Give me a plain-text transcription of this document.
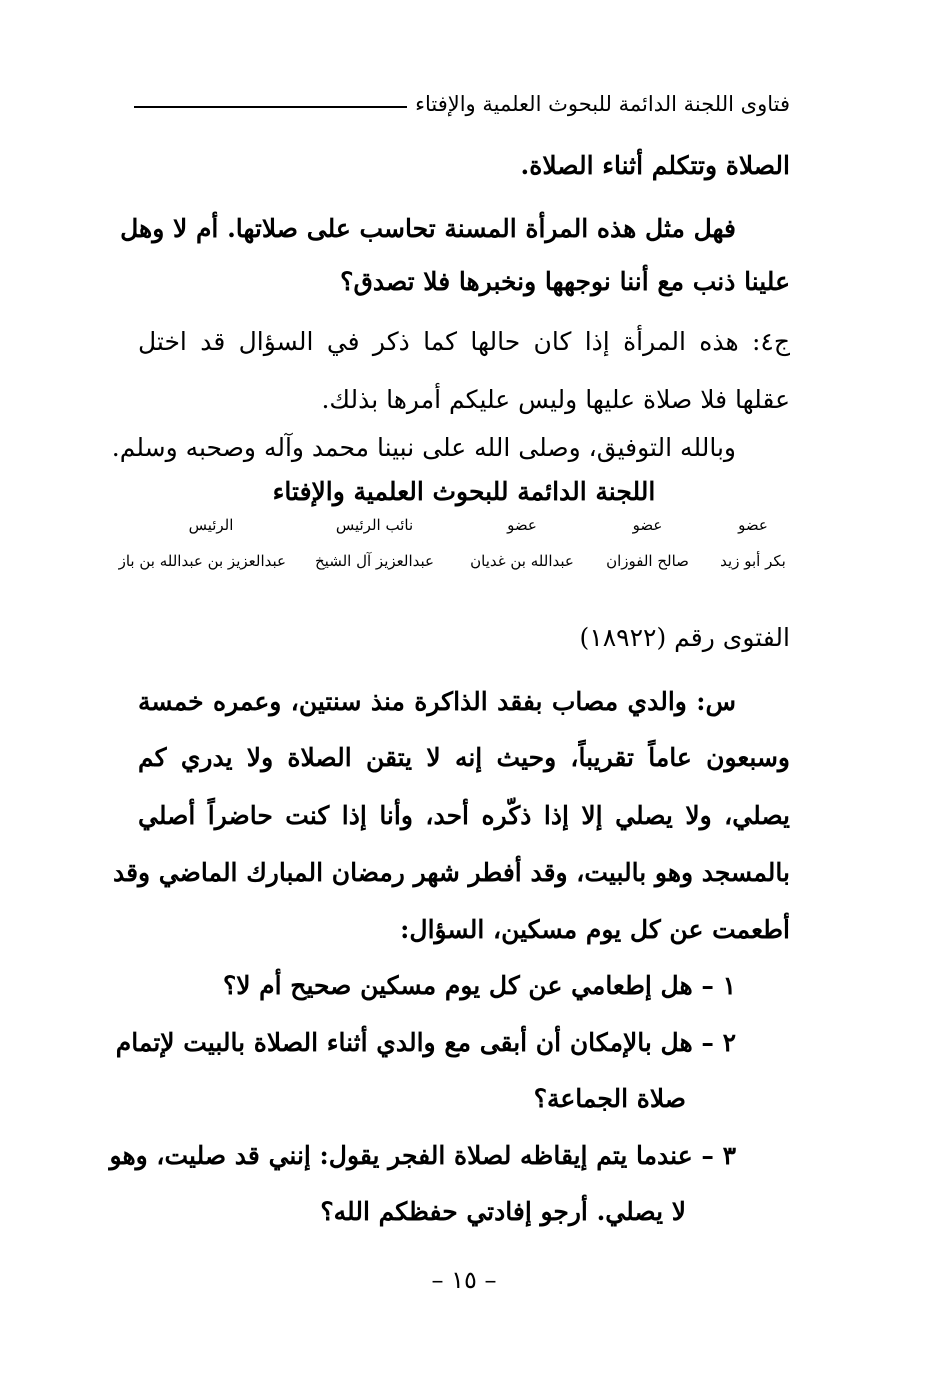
فتاوى اللجنة الدائمة للبحوث العلمية والإفتاء
الصلاة وتتكلم أثناء الصلاة.
فهل مثل هذه المرأة المسنة تحاسب على صلاتها. أم لا وهل
علينا ذنب مع أننا نوجهها ونخبرها فلا تصدق؟
ج٤: هذه المرأة إذا كان حالها كما ذكر في السؤال قد اختل
عقلها فلا صلاة عليها وليس عليكم أمرها بذلك.
وبالله التوفيق، وصلى الله على نبينا محمد وآله وصحبه وسلم.
اللجنة الدائمة للبحوث العلمية والإفتاء
عضو
عضو
عضو
نائب الرئيس
الرئيس
بكر أبو زيد
صالح الفوزان
عبدالله بن غديان
عبدالعزيز آل الشيخ
عبدالعزيز بن عبدالله بن باز
الفتوى رقم (١٨٩٢٢)
س: والدي مصاب بفقد الذاكرة منذ سنتين، وعمره خمسة
وسبعون عاماً تقريباً، وحيث إنه لا يتقن الصلاة ولا يدري كم
يصلي، ولا يصلي إلا إذا ذكّره أحد، وأنا إذا كنت حاضراً أصلي
بالمسجد وهو بالبيت، وقد أفطر شهر رمضان المبارك الماضي وقد
أطعمت عن كل يوم مسكين، السؤال:
١ – هل إطعامي عن كل يوم مسكين صحيح أم لا؟
٢ – هل بالإمكان أن أبقى مع والدي أثناء الصلاة بالبيت لإتمام
صلاة الجماعة؟
٣ – عندما يتم إيقاظه لصلاة الفجر يقول: إنني قد صليت، وهو
لا يصلي. أرجو إفادتي حفظكم الله؟
– ١٥ –
